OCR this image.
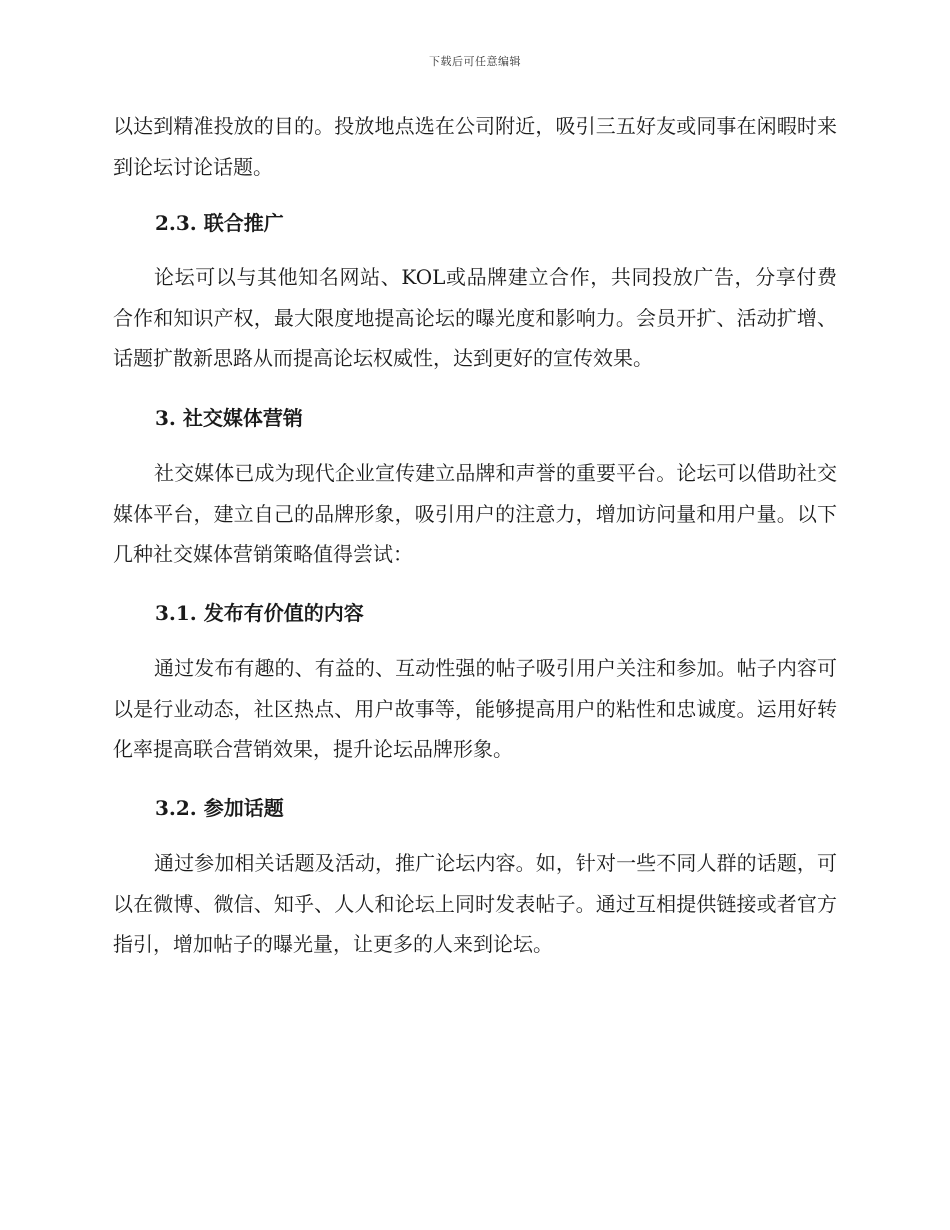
下载后可任意编辑

以达到精准投放的目的。投放地点选在公司附近，吸引三五好友或同事在闲暇时来到论坛讨论话题。

2.3. 联合推广

论坛可以与其他知名网站、KOL或品牌建立合作，共同投放广告，分享付费合作和知识产权，最大限度地提高论坛的曝光度和影响力。会员开扩、活动扩增、话题扩散新思路从而提高论坛权威性，达到更好的宣传效果。

3. 社交媒体营销

社交媒体已成为现代企业宣传建立品牌和声誉的重要平台。论坛可以借助社交媒体平台，建立自己的品牌形象，吸引用户的注意力，增加访问量和用户量。以下几种社交媒体营销策略值得尝试：

3.1. 发布有价值的内容

通过发布有趣的、有益的、互动性强的帖子吸引用户关注和参加。帖子内容可以是行业动态，社区热点、用户故事等，能够提高用户的粘性和忠诚度。运用好转化率提高联合营销效果，提升论坛品牌形象。

3.2. 参加话题

通过参加相关话题及活动，推广论坛内容。如，针对一些不同人群的话题，可以在微博、微信、知乎、人人和论坛上同时发表帖子。通过互相提供链接或者官方指引，增加帖子的曝光量，让更多的人来到论坛。
